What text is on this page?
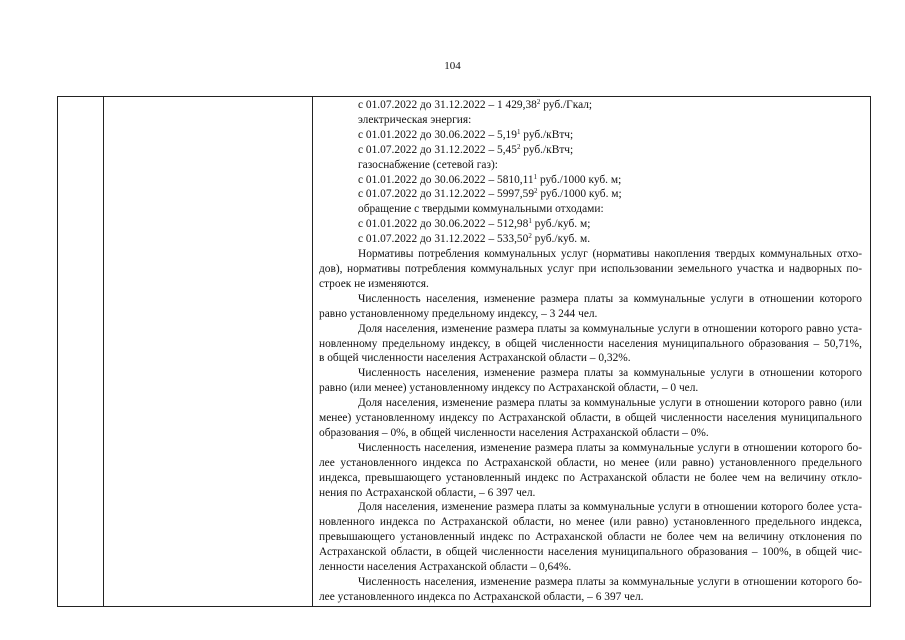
104
с 01.07.2022 до 31.12.2022 – 1 429,38$^2$ руб./Гкал;
электрическая энергия:
с 01.01.2022 до 30.06.2022 – 5,19$^1$ руб./кВтч;
с 01.07.2022 до 31.12.2022 – 5,45$^2$ руб./кВтч;
газоснабжение (сетевой газ):
с 01.01.2022 до 30.06.2022 – 5810,11$^1$ руб./1000 куб. м;
с 01.07.2022 до 31.12.2022 – 5997,59$^2$ руб./1000 куб. м;
обращение с твердыми коммунальными отходами:
с 01.01.2022 до 30.06.2022 – 512,98$^1$ руб./куб. м;
с 01.07.2022 до 31.12.2022 – 533,50$^2$ руб./куб. м.
Нормативы потребления коммунальных услуг (нормативы накопления твердых коммунальных отхо-
дов), нормативы потребления коммунальных услуг при использовании земельного участка и надворных по-
строек не изменяются.
Численность населения, изменение размера платы за коммунальные услуги в отношении которого
равно установленному предельному индексу, – 3 244 чел.
Доля населения, изменение размера платы за коммунальные услуги в отношении которого равно уста-
новленному предельному индексу, в общей численности населения муниципального образования – 50,71%,
в общей численности населения Астраханской области – 0,32%.
Численность населения, изменение размера платы за коммунальные услуги в отношении которого
равно (или менее) установленному индексу по Астраханской области, – 0 чел.
Доля населения, изменение размера платы за коммунальные услуги в отношении которого равно (или
менее) установленному индексу по Астраханской области, в общей численности населения муниципального
образования – 0%, в общей численности населения Астраханской области – 0%.
Численность населения, изменение размера платы за коммунальные услуги в отношении которого бо-
лее установленного индекса по Астраханской области, но менее (или равно) установленного предельного
индекса, превышающего установленный индекс по Астраханской области не более чем на величину откло-
нения по Астраханской области, – 6 397 чел.
Доля населения, изменение размера платы за коммунальные услуги в отношении которого более уста-
новленного индекса по Астраханской области, но менее (или равно) установленного предельного индекса,
превышающего установленный индекс по Астраханской области не более чем на величину отклонения по
Астраханской области, в общей численности населения муниципального образования – 100%, в общей чис-
ленности населения Астраханской области – 0,64%.
Численность населения, изменение размера платы за коммунальные услуги в отношении которого бо-
лее установленного индекса по Астраханской области, – 6 397 чел.
